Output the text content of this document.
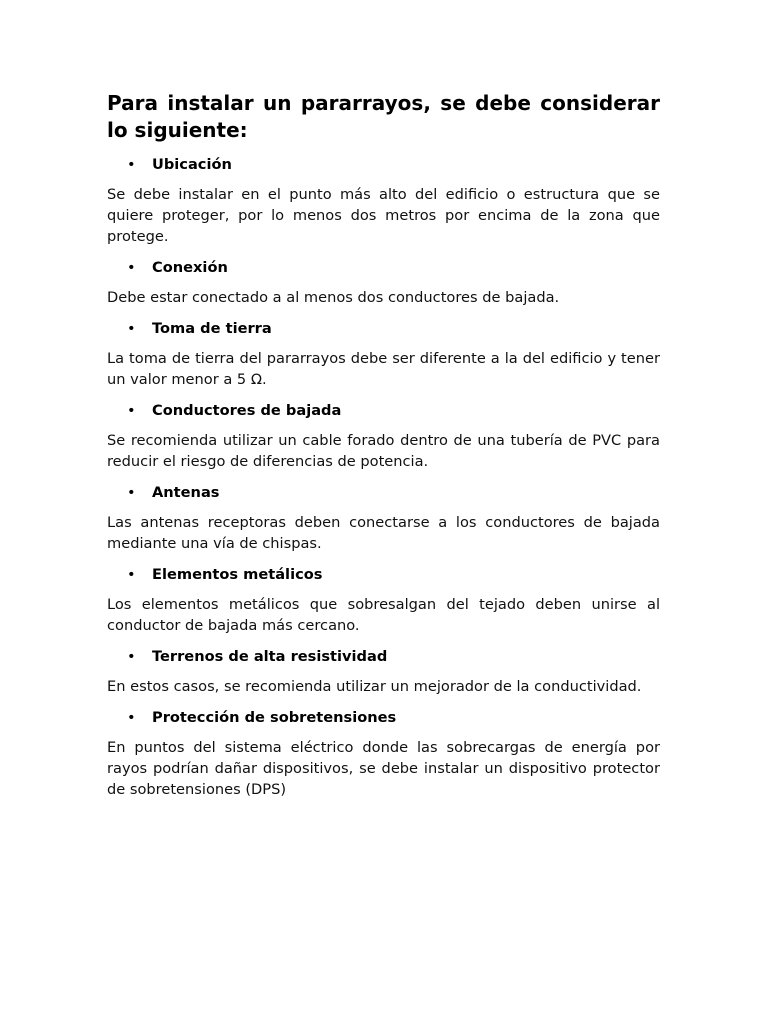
Para instalar un pararrayos, se debe considerar lo siguiente:
•	Ubicación

Se debe instalar en el punto más alto del edificio o estructura que se quiere proteger, por lo menos dos metros por encima de la zona que protege.

•	Conexión

Debe estar conectado a al menos dos conductores de bajada.

•	Toma de tierra

La toma de tierra del pararrayos debe ser diferente a la del edificio y tener un valor menor a 5 Ω.

•	Conductores de bajada

Se recomienda utilizar un cable forado dentro de una tubería de PVC para reducir el riesgo de diferencias de potencia.

•	Antenas

Las antenas receptoras deben conectarse a los conductores de bajada mediante una vía de chispas.

•	Elementos metálicos

Los elementos metálicos que sobresalgan del tejado deben unirse al conductor de bajada más cercano.

•	Terrenos de alta resistividad

En estos casos, se recomienda utilizar un mejorador de la conductividad.

•	Protección de sobretensiones

En puntos del sistema eléctrico donde las sobrecargas de energía por rayos podrían dañar dispositivos, se debe instalar un dispositivo protector de sobretensiones (DPS)
